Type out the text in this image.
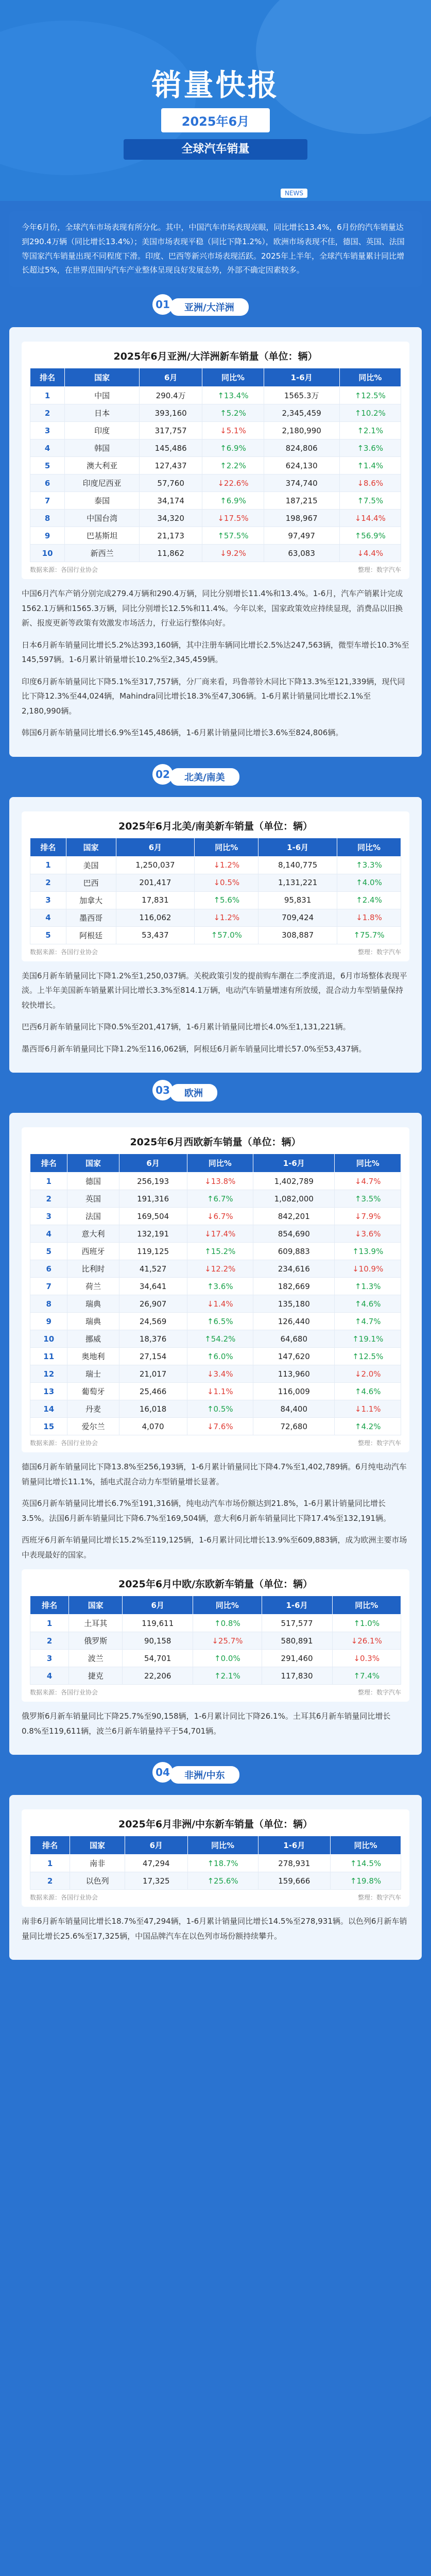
销量快报
2025年6月
全球汽车销量
NEWS
今年6月份，全球汽车市场表现有所分化。其中，中国汽车市场表现亮眼，同比增长13.4%，6月份的汽车销量达到290.4万辆（同比增长13.4%）；美国市场表现平稳（同比下降1.2%），欧洲市场表现不佳，德国、英国、法国等国家汽车销量出现不同程度下滑。印度、巴西等新兴市场表现活跃。2025年上半年，全球汽车销量累计同比增长超过5%，在世界范围内汽车产业整体呈现良好发展态势，外部不确定因素较多。
01	亚洲/大洋洲
2025年6月亚洲/大洋洲新车销量（单位：辆）
排名	国家	6月	同比%	1-6月	同比%
1	中国	290.4万	↑13.4%	1565.3万	↑12.5%
2	日本	393,160	↑5.2%	2,345,459	↑10.2%
3	印度	317,757	↓5.1%	2,180,990	↑2.1%
4	韩国	145,486	↑6.9%	824,806	↑3.6%
5	澳大利亚	127,437	↑2.2%	624,130	↑1.4%
6	印度尼西亚	57,760	↓22.6%	374,740	↓8.6%
7	泰国	34,174	↑6.9%	187,215	↑7.5%
8	中国台湾	34,320	↓17.5%	198,967	↓14.4%
9	巴基斯坦	21,173	↑57.5%	97,497	↑56.9%
10	新西兰	11,862	↓9.2%	63,083	↓4.4%
数据来源：各国行业协会	整理：数字汽车

中国6月汽车产销分别完成279.4万辆和290.4万辆，同比分别增长11.4%和13.4%。1-6月，汽车产销累计完成1562.1万辆和1565.3万辆，同比分别增长12.5%和11.4%。今年以来，国家政策效应持续显现，消费品以旧换新、报废更新等政策有效激发市场活力，行业运行整体向好。

日本6月新车销量同比增长5.2%达393,160辆，其中注册车辆同比增长2.5%达247,563辆，微型车增长10.3%至145,597辆。1-6月累计销量增长10.2%至2,345,459辆。

印度6月新车销量同比下降5.1%至317,757辆，分厂商来看，玛鲁蒂铃木同比下降13.3%至121,339辆，现代同比下降12.3%至44,024辆，Mahindra同比增长18.3%至47,306辆。1-6月累计销量同比增长2.1%至2,180,990辆。

韩国6月新车销量同比增长6.9%至145,486辆，1-6月累计销量同比增长3.6%至824,806辆。

02	北美/南美
2025年6月北美/南美新车销量（单位：辆）
排名	国家	6月	同比%	1-6月	同比%
1	美国	1,250,037	↓1.2%	8,140,775	↑3.3%
2	巴西	201,417	↓0.5%	1,131,221	↑4.0%
3	加拿大	17,831	↑5.6%	95,831	↑2.4%
4	墨西哥	116,062	↓1.2%	709,424	↓1.8%
5	阿根廷	53,437	↑57.0%	308,887	↑75.7%
数据来源：各国行业协会	整理：数字汽车

美国6月新车销量同比下降1.2%至1,250,037辆。关税政策引发的提前购车潮在二季度消退，6月市场整体表现平淡。上半年美国新车销量累计同比增长3.3%至814.1万辆，电动汽车销量增速有所放缓，混合动力车型销量保持较快增长。

巴西6月新车销量同比下降0.5%至201,417辆，1-6月累计销量同比增长4.0%至1,131,221辆。

墨西哥6月新车销量同比下降1.2%至116,062辆，阿根廷6月新车销量同比增长57.0%至53,437辆。

03	欧洲
2025年6月西欧新车销量（单位：辆）
排名	国家	6月	同比%	1-6月	同比%
1	德国	256,193	↓13.8%	1,402,789	↓4.7%
2	英国	191,316	↑6.7%	1,082,000	↑3.5%
3	法国	169,504	↓6.7%	842,201	↓7.9%
4	意大利	132,191	↓17.4%	854,690	↓3.6%
5	西班牙	119,125	↑15.2%	609,883	↑13.9%
6	比利时	41,527	↓12.2%	234,616	↓10.9%
7	荷兰	34,641	↑3.6%	182,669	↑1.3%
8	瑞典	26,907	↓1.4%	135,180	↑4.6%
9	瑞典	24,569	↑6.5%	126,440	↑4.7%
10	挪威	18,376	↑54.2%	64,680	↑19.1%
11	奥地利	27,154	↑6.0%	147,620	↑12.5%
12	瑞士	21,017	↓3.4%	113,960	↓2.0%
13	葡萄牙	25,466	↓1.1%	116,009	↑4.6%
14	丹麦	16,018	↑0.5%	84,400	↓1.1%
15	爱尔兰	4,070	↓7.6%	72,680	↑4.2%
数据来源：各国行业协会	整理：数字汽车

德国6月新车销量同比下降13.8%至256,193辆，1-6月累计销量同比下降4.7%至1,402,789辆。6月纯电动汽车销量同比增长11.1%，插电式混合动力车型销量增长显著。

英国6月新车销量同比增长6.7%至191,316辆，纯电动汽车市场份额达到21.8%，1-6月累计销量同比增长3.5%。法国6月新车销量同比下降6.7%至169,504辆，意大利6月新车销量同比下降17.4%至132,191辆。

西班牙6月新车销量同比增长15.2%至119,125辆，1-6月累计同比增长13.9%至609,883辆，成为欧洲主要市场中表现最好的国家。

2025年6月中欧/东欧新车销量（单位：辆）
排名	国家	6月	同比%	1-6月	同比%
1	土耳其	119,611	↑0.8%	517,577	↑1.0%
2	俄罗斯	90,158	↓25.7%	580,891	↓26.1%
3	波兰	54,701	↑0.0%	291,460	↓0.3%
4	捷克	22,206	↑2.1%	117,830	↑7.4%
数据来源：各国行业协会	整理：数字汽车

俄罗斯6月新车销量同比下降25.7%至90,158辆，1-6月累计同比下降26.1%。土耳其6月新车销量同比增长0.8%至119,611辆，波兰6月新车销量持平于54,701辆。

04	非洲/中东
2025年6月非洲/中东新车销量（单位：辆）
排名	国家	6月	同比%	1-6月	同比%
1	南非	47,294	↑18.7%	278,931	↑14.5%
2	以色列	17,325	↑25.6%	159,666	↑19.8%
数据来源：各国行业协会	整理：数字汽车

南非6月新车销量同比增长18.7%至47,294辆，1-6月累计销量同比增长14.5%至278,931辆。以色列6月新车销量同比增长25.6%至17,325辆，中国品牌汽车在以色列市场份额持续攀升。
